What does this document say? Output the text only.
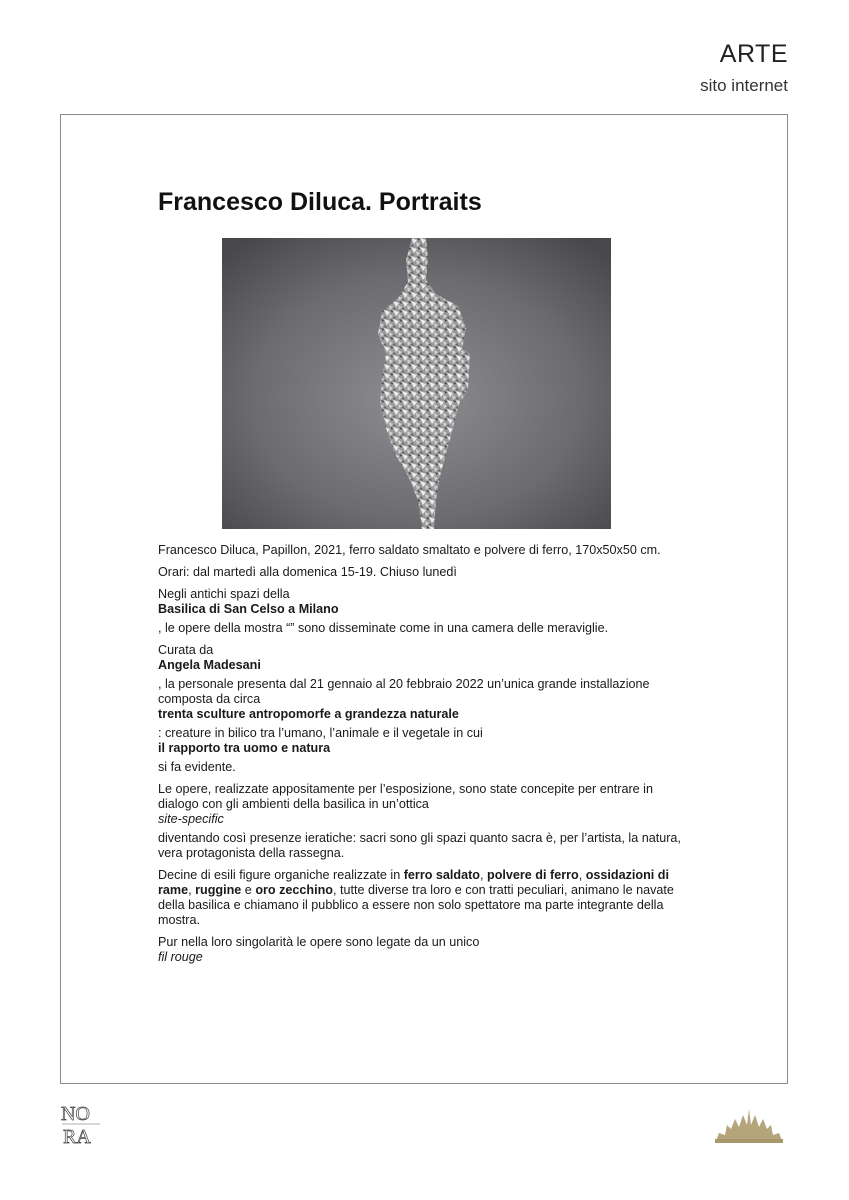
ARTE
sito internet
Francesco Diluca. Portraits

Francesco Diluca, Papillon, 2021, ferro saldato smaltato e polvere di ferro, 170x50x50 cm.

Orari: dal martedì alla domenica 15-19. Chiuso lunedì

Negli antichi spazi della

Basilica di San Celso a Milano

, le opere della mostra “” sono disseminate come in una camera delle meraviglie.

Curata da

Angela Madesani

, la personale presenta dal 21 gennaio al 20 febbraio 2022 un’unica grande installazione composta da circa

trenta sculture antropomorfe a grandezza naturale

: creature in bilico tra l’umano, l’animale e il vegetale in cui

il rapporto tra uomo e natura

si fa evidente.

Le opere, realizzate appositamente per l’esposizione, sono state concepite per entrare in dialogo con gli ambienti della basilica in un’ottica

site-specific

diventando così presenze ieratiche: sacri sono gli spazi quanto sacra è, per l’artista, la natura, vera protagonista della rassegna.

Decine di esili figure organiche realizzate in ferro saldato, polvere di ferro, ossidazioni di rame, ruggine e oro zecchino, tutte diverse tra loro e con tratti peculiari, animano le navate della basilica e chiamano il pubblico a essere non solo spettatore ma parte integrante della mostra.

Pur nella loro singolarità le opere sono legate da un unico

fil rouge

NO
RA
